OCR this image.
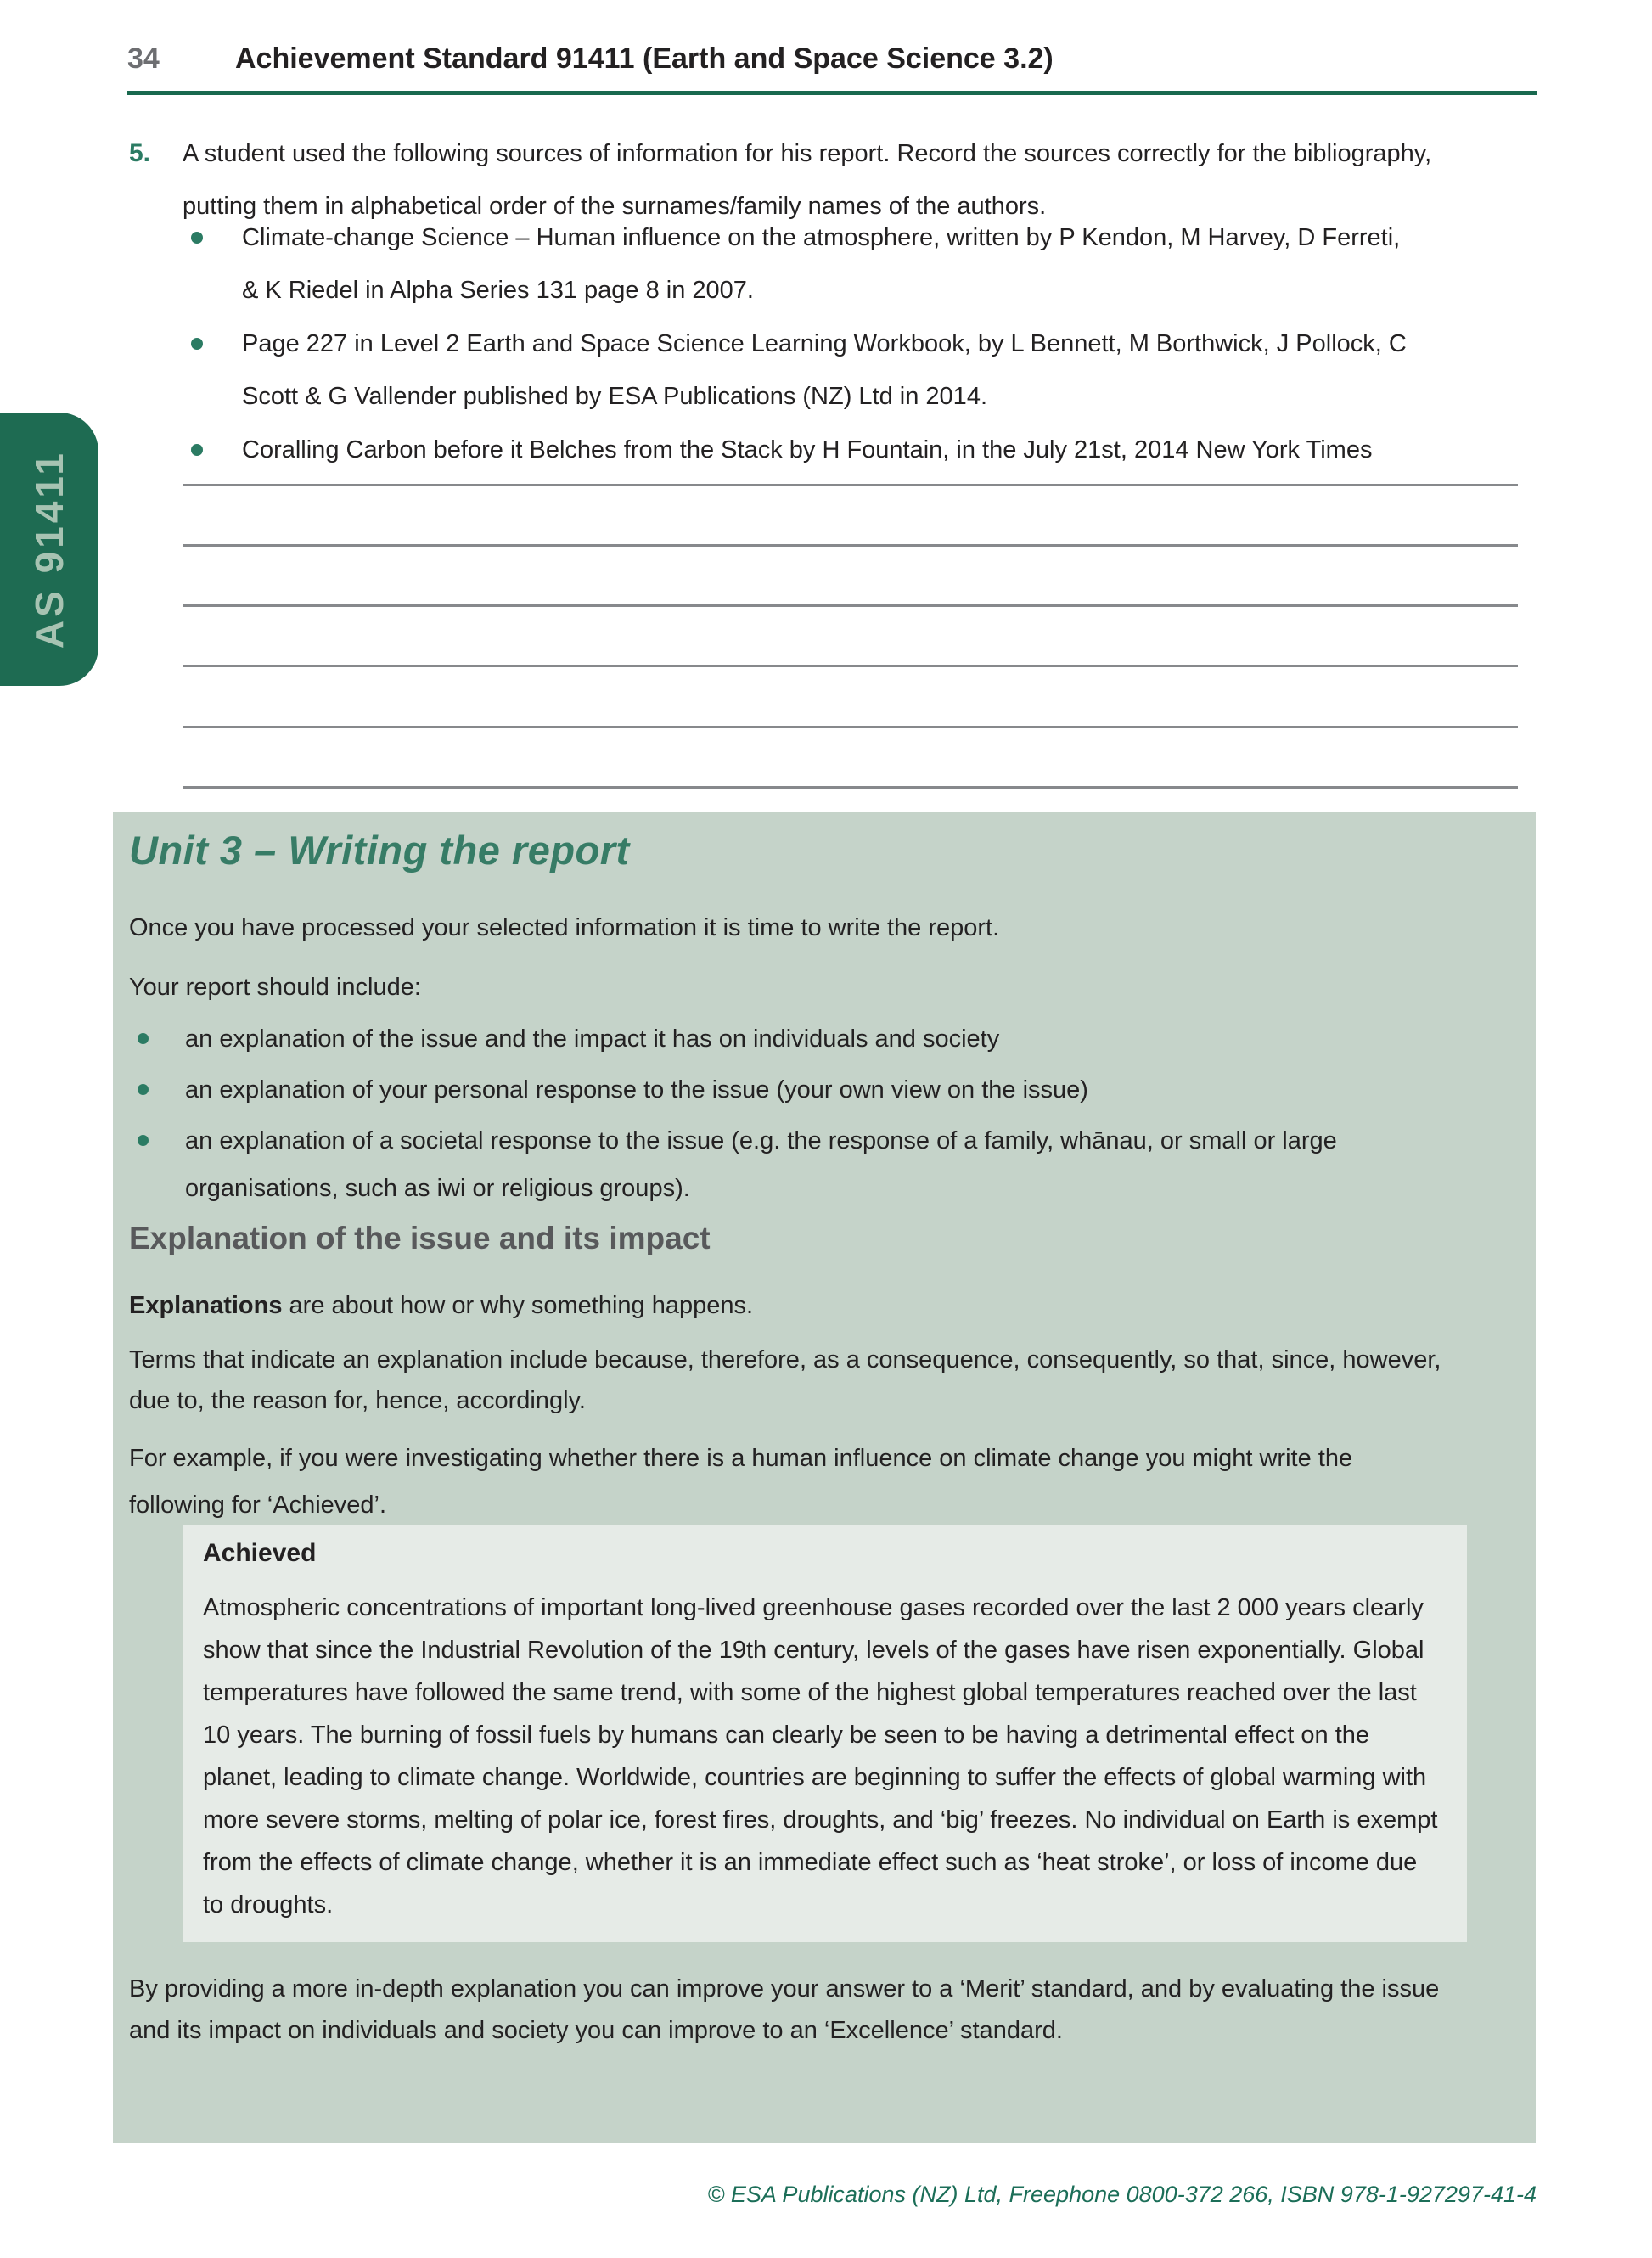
AS 91411
34	Achievement Standard 91411 (Earth and Space Science 3.2)
5. A student used the following sources of information for his report. Record the sources correctly for the bibliography, putting them in alphabetical order of the surnames/family names of the authors.

Climate-change Science – Human influence on the atmosphere, written by P Kendon, M Harvey, D Ferreti, & K Riedel in Alpha Series 131 page 8 in 2007.
Page 227 in Level 2 Earth and Space Science Learning Workbook, by L Bennett, M Borthwick, J Pollock, C Scott & G Vallender published by ESA Publications (NZ) Ltd in 2014.
Coralling Carbon before it Belches from the Stack by H Fountain, in the July 21st, 2014 New York Times
Unit 3 – Writing the report

Once you have processed your selected information it is time to write the report.

Your report should include:

an explanation of the issue and the impact it has on individuals and society
an explanation of your personal response to the issue (your own view on the issue)
an explanation of a societal response to the issue (e.g. the response of a family, whānau, or small or large organisations, such as iwi or religious groups).
Explanation of the issue and its impact

Explanations are about how or why something happens.

Terms that indicate an explanation include because, therefore, as a consequence, consequently, so that, since, however, due to, the reason for, hence, accordingly.

For example, if you were investigating whether there is a human influence on climate change you might write the following for ‘Achieved’.

Achieved

Atmospheric concentrations of important long-lived greenhouse gases recorded over the last 2 000 years clearly show that since the Industrial Revolution of the 19th century, levels of the gases have risen exponentially. Global temperatures have followed the same trend, with some of the highest global temperatures reached over the last 10 years. The burning of fossil fuels by humans can clearly be seen to be having a detrimental effect on the planet, leading to climate change. Worldwide, countries are beginning to suffer the effects of global warming with more severe storms, melting of polar ice, forest fires, droughts, and ‘big’ freezes. No individual on Earth is exempt from the effects of climate change, whether it is an immediate effect such as ‘heat stroke’, or loss of income due to droughts.

By providing a more in-depth explanation you can improve your answer to a ‘Merit’ standard, and by evaluating the issue and its impact on individuals and society you can improve to an ‘Excellence’ standard.

© ESA Publications (NZ) Ltd, Freephone 0800-372 266, ISBN 978-1-927297-41-4
